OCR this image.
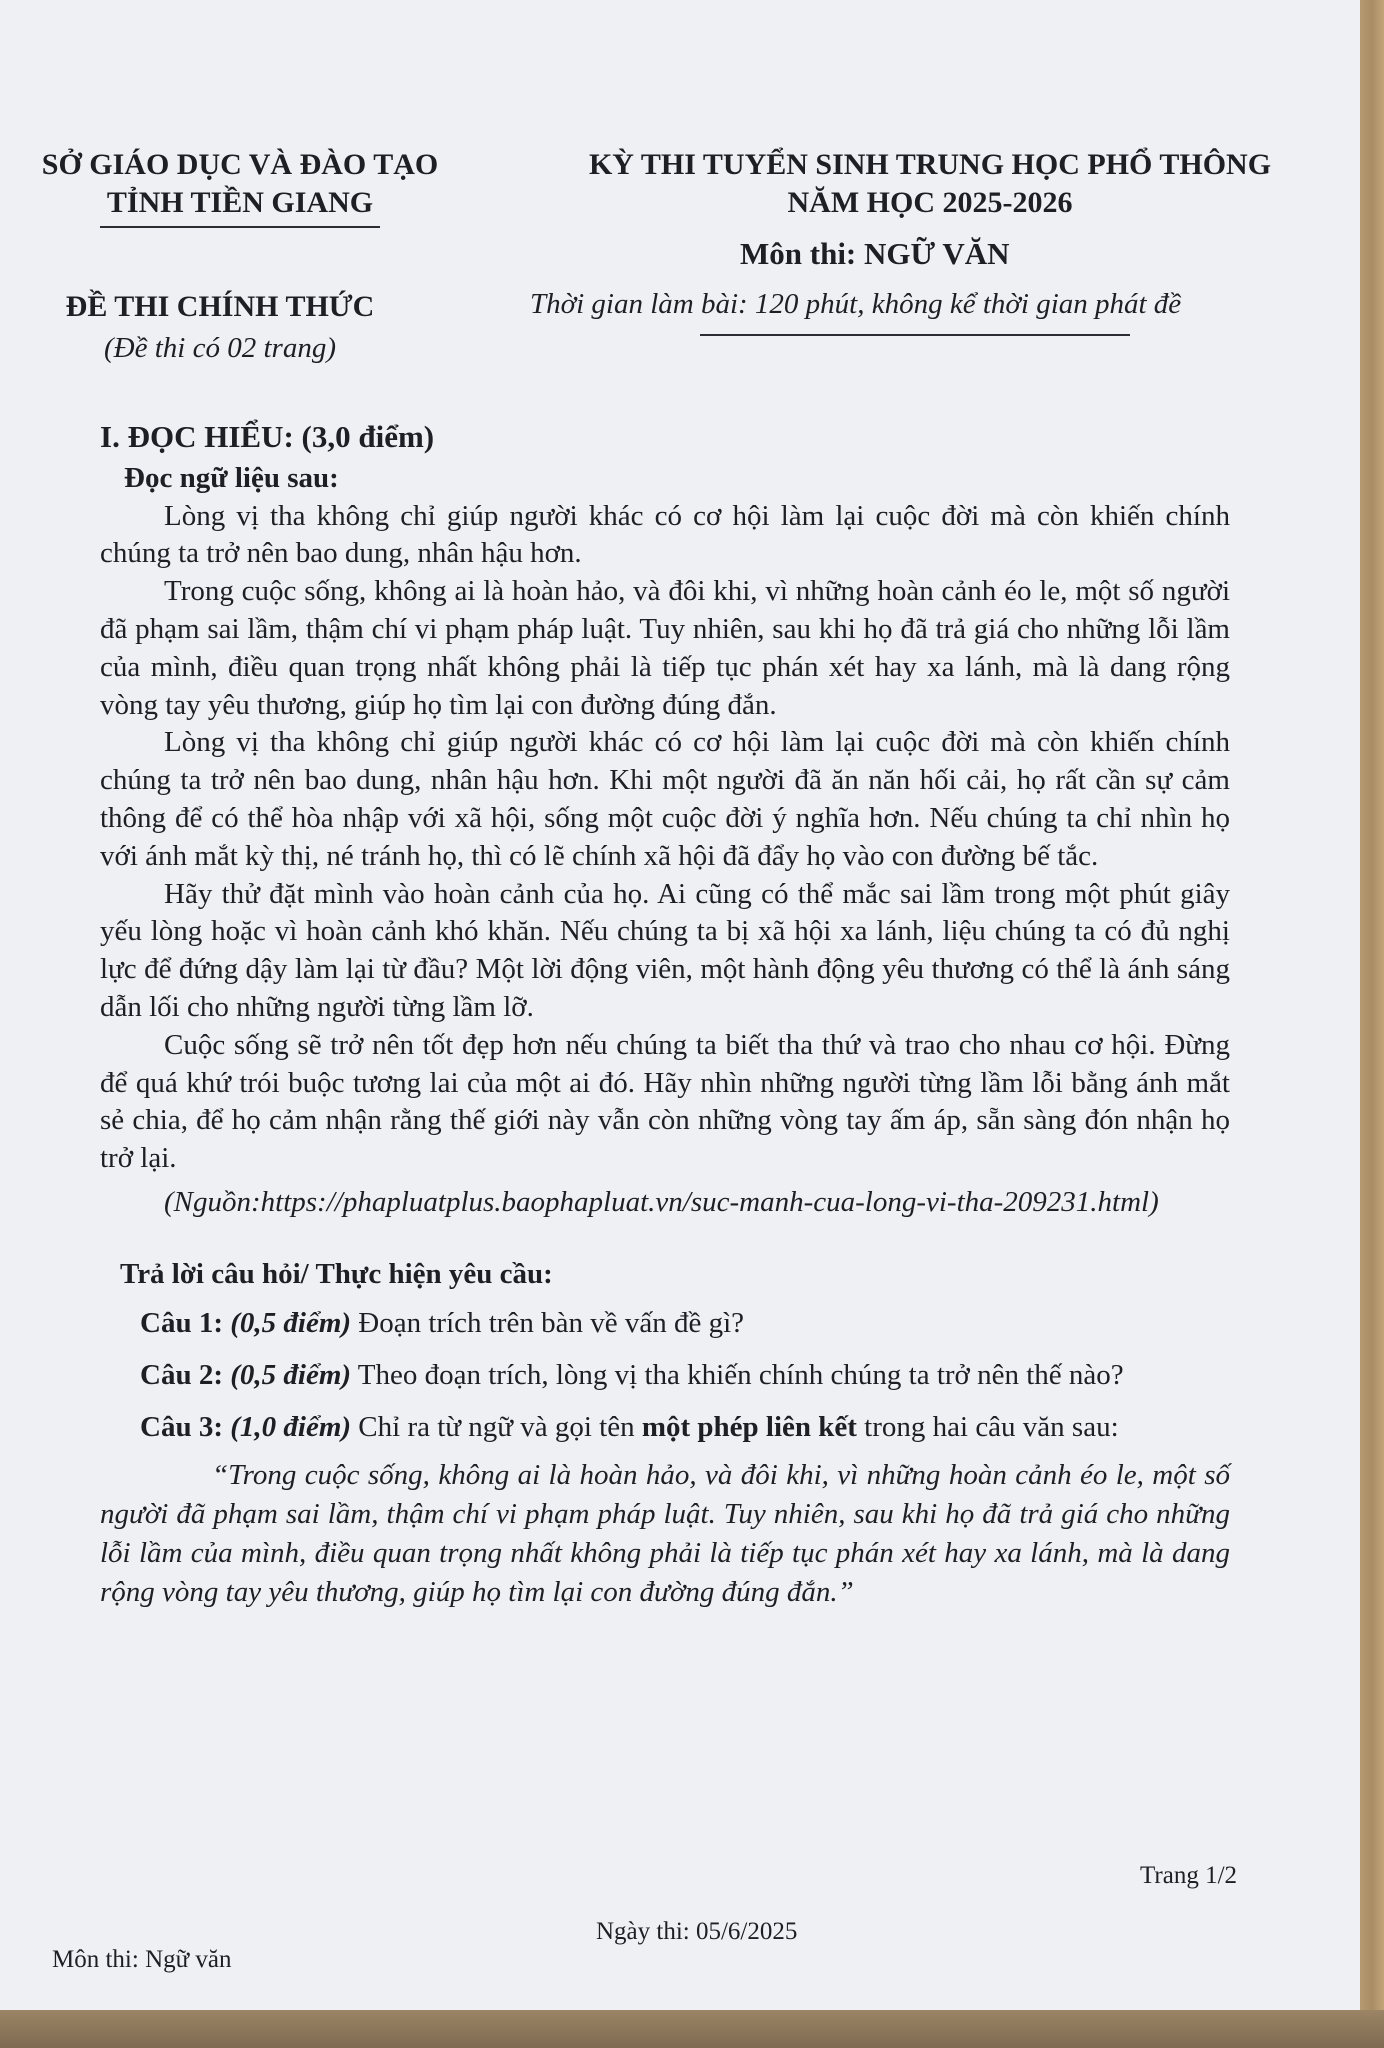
SỞ GIÁO DỤC VÀ ĐÀO TẠO
TỈNH TIỀN GIANG
KỲ THI TUYỂN SINH TRUNG HỌC PHỔ THÔNG
NĂM HỌC 2025-2026
Môn thi: NGỮ VĂN
ĐỀ THI CHÍNH THỨC
(Đề thi có 02 trang)
Thời gian làm bài: 120 phút, không kể thời gian phát đề
I. ĐỌC HIỂU: (3,0 điểm)
Đọc ngữ liệu sau:

Lòng vị tha không chỉ giúp người khác có cơ hội làm lại cuộc đời mà còn khiến chính chúng ta trở nên bao dung, nhân hậu hơn.

Trong cuộc sống, không ai là hoàn hảo, và đôi khi, vì những hoàn cảnh éo le, một số người đã phạm sai lầm, thậm chí vi phạm pháp luật. Tuy nhiên, sau khi họ đã trả giá cho những lỗi lầm của mình, điều quan trọng nhất không phải là tiếp tục phán xét hay xa lánh, mà là dang rộng vòng tay yêu thương, giúp họ tìm lại con đường đúng đắn.

Lòng vị tha không chỉ giúp người khác có cơ hội làm lại cuộc đời mà còn khiến chính chúng ta trở nên bao dung, nhân hậu hơn. Khi một người đã ăn năn hối cải, họ rất cần sự cảm thông để có thể hòa nhập với xã hội, sống một cuộc đời ý nghĩa hơn. Nếu chúng ta chỉ nhìn họ với ánh mắt kỳ thị, né tránh họ, thì có lẽ chính xã hội đã đẩy họ vào con đường bế tắc.

Hãy thử đặt mình vào hoàn cảnh của họ. Ai cũng có thể mắc sai lầm trong một phút giây yếu lòng hoặc vì hoàn cảnh khó khăn. Nếu chúng ta bị xã hội xa lánh, liệu chúng ta có đủ nghị lực để đứng dậy làm lại từ đầu? Một lời động viên, một hành động yêu thương có thể là ánh sáng dẫn lối cho những người từng lầm lỡ.

Cuộc sống sẽ trở nên tốt đẹp hơn nếu chúng ta biết tha thứ và trao cho nhau cơ hội. Đừng để quá khứ trói buộc tương lai của một ai đó. Hãy nhìn những người từng lầm lỗi bằng ánh mắt sẻ chia, để họ cảm nhận rằng thế giới này vẫn còn những vòng tay ấm áp, sẵn sàng đón nhận họ trở lại.

(Nguồn:https://phapluatplus.baophapluat.vn/suc-manh-cua-long-vi-tha-209231.html)

Trả lời câu hỏi/ Thực hiện yêu cầu:

Câu 1: (0,5 điểm) Đoạn trích trên bàn về vấn đề gì?

Câu 2: (0,5 điểm) Theo đoạn trích, lòng vị tha khiến chính chúng ta trở nên thế nào?

Câu 3: (1,0 điểm) Chỉ ra từ ngữ và gọi tên một phép liên kết trong hai câu văn sau:

“Trong cuộc sống, không ai là hoàn hảo, và đôi khi, vì những hoàn cảnh éo le, một số người đã phạm sai lầm, thậm chí vi phạm pháp luật. Tuy nhiên, sau khi họ đã trả giá cho những lỗi lầm của mình, điều quan trọng nhất không phải là tiếp tục phán xét hay xa lánh, mà là dang rộng vòng tay yêu thương, giúp họ tìm lại con đường đúng đắn.”

Trang 1/2
Ngày thi: 05/6/2025
Môn thi: Ngữ văn
